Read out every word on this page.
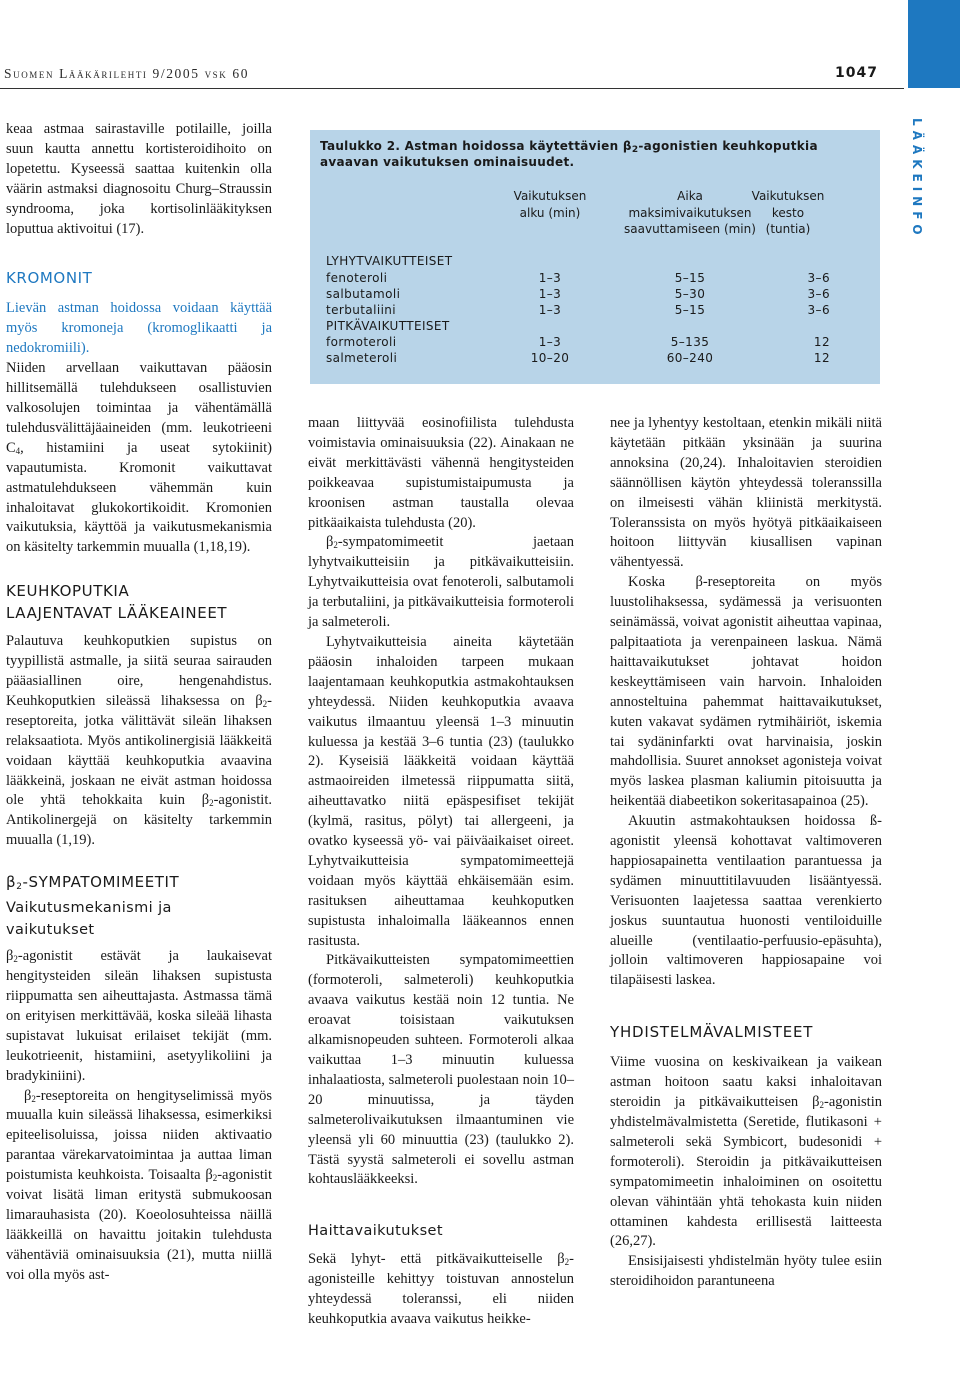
Suomen Lääkärilehti 9/2005 vsk 60	1047
LÄÄKEINFO

keaa astmaa sairastaville potilaille, joilla suun kautta annettu kortisteroidihoito on lopetettu. Kyseessä saattaa kuitenkin olla väärin astmaksi diagnosoitu Churg–Straussin syndrooma, joka kortisolinlääkityksen loputtua aktivoitui (17).

KROMONIT

Lievän astman hoidossa voidaan käyttää myös kromoneja (kromoglikaatti ja nedokromiili).

Niiden arvellaan vaikuttavan pääosin hillitsemällä tulehdukseen osallistuvien valkosolujen toimintaa ja vähentämällä tulehdusvälittäjäaineiden (mm. leukotrieeni $C_4$, histamiini ja useat sytokiinit) vapautumista. Kromonit vaikuttavat astmatulehdukseen vähemmän kuin inhaloitavat glukokortikoidit. Kromonien vaikutuksia, käyttöä ja vaikutusmekanismia on käsitelty tarkemmin muualla (1,18,19).

KEUHKOPUTKIA
LAAJENTAVAT LÄÄKEAINEET

Palautuva keuhkoputkien supistus on tyypillistä astmalle, ja siitä seuraa sairauden pääasiallinen oire, hengenahdistus. Keuhkoputkien sileässä lihaksessa on $\beta_2$-reseptoreita, jotka välittävät sileän lihaksen relaksaatiota. Myös antikolinergisiä lääkkeitä voidaan käyttää keuhkoputkia avaavina lääkkeinä, joskaan ne eivät astman hoidossa ole yhtä tehokkaita kuin $\beta_2$-agonistit. Antikolinergejä on käsitelty tarkemmin muualla (1,19).

$\beta_2$-SYMPATOMIMEETIT
Vaikutusmekanismi ja
vaikutukset

$\beta_2$-agonistit estävät ja laukaisevat hengitysteiden sileän lihaksen supistusta riippumatta sen aiheuttajasta. Astmassa tämä on erityisen merkittävää, koska sileää lihasta supistavat lukuisat erilaiset tekijät (mm. leukotrieenit, histamiini, asetyylikoliini ja bradykiniini).

$\beta_2$-reseptoreita on hengityselimissä myös muualla kuin sileässä lihaksessa, esimerkiksi epiteelisoluissa, joissa niiden aktivaatio parantaa värekarvatoimintaa ja auttaa liman poistumista keuhkoista. Toisaalta $\beta_2$-agonistit voivat lisätä liman eritystä submukoosan limarauhasista (20). Koeolosuhteissa näillä lääkkeillä on havaittu joitakin tulehdusta vähentäviä ominaisuuksia (21), mutta niillä voi olla myös ast-

Taulukko 2. Astman hoidossa käytettävien $\beta_2$-agonistien keuhkoputkia avaavan vaikutuksen ominaisuudet.
Vaikutuksen
alku (min)
Aika
maksimivaikutuksen
saavuttamiseen (min)
Vaikutuksen
kesto
(tuntia)
LYHYTVAIKUTTEISET
fenoteroli	1–3	5–15	3–6
salbutamoli	1–3	5–30	3–6
terbutaliini	1–3	5–15	3–6
PITKÄVAIKUTTEISET
formoteroli	1–3	5–135	12
salmeteroli	10–20	60–240	12

maan liittyvää eosinofiilista tulehdusta voimistavia ominaisuuksia (22). Ainakaan ne eivät merkittävästi vähennä hengitysteiden poikkeavaa supistumistaipumusta ja kroonisen astman taustalla olevaa pitkäaikaista tulehdusta (20).

$\beta_2$-sympatomimeetit jaetaan lyhytvaikutteisiin ja pitkävaikutteisiin. Lyhytvaikutteisia ovat fenoteroli, salbutamoli ja terbutaliini, ja pitkävaikutteisia formoteroli ja salmeteroli.

Lyhytvaikutteisia aineita käytetään pääosin inhaloiden tarpeen mukaan laajentamaan keuhkoputkia astmakohtauksen yhteydessä. Niiden keuhkoputkia avaava vaikutus ilmaantuu yleensä 1–3 minuutin kuluessa ja kestää 3–6 tuntia (23) (taulukko 2). Kyseisiä lääkkeitä voidaan käyttää astmaoireiden ilmetessä riippumatta siitä, aiheuttavatko niitä epäspesifiset tekijät (kylmä, rasitus, pölyt) tai allergeeni, ja ovatko kyseessä yö- vai päiväaikaiset oireet. Lyhytvaikutteisia sympatomimeettejä voidaan myös käyttää ehkäisemään esim. rasituksen aiheuttamaa keuhkoputken supistusta inhaloimalla lääkeannos ennen rasitusta.

Pitkävaikutteisten sympatomimeettien (formoteroli, salmeteroli) keuhkoputkia avaava vaikutus kestää noin 12 tuntia. Ne eroavat toisistaan vaikutuksen alkamisnopeuden suhteen. Formoteroli alkaa vaikuttaa 1–3 minuutin kuluessa inhalaatiosta, salmeteroli puolestaan noin 10–20 minuutissa, ja täyden salmeterolivaikutuksen ilmaantuminen vie yleensä yli 60 minuuttia (23) (taulukko 2). Tästä syystä salmeteroli ei sovellu astman kohtauslääkkeeksi.

Haittavaikutukset

Sekä lyhyt- että pitkävaikutteiselle $\beta_2$-agonisteille kehittyy toistuvan annostelun yhteydessä toleranssi, eli niiden keuhkoputkia avaava vaikutus heikke-

nee ja lyhentyy kestoltaan, etenkin mikäli niitä käytetään pitkään yksinään ja suurina annoksina (20,24). Inhaloitavien steroidien säännöllisen käytön yhteydessä toleranssilla on ilmeisesti vähän kliinistä merkitystä. Toleranssista on myös hyötyä pitkäaikaiseen hoitoon liittyvän kiusallisen vapinan vähentyessä.

Koska β-reseptoreita on myös luustolihaksessa, sydämessä ja verisuonten seinämässä, voivat agonistit aiheuttaa vapinaa, palpitaatiota ja verenpaineen laskua. Nämä haittavaikutukset johtavat hoidon keskeyttämiseen vain harvoin. Inhaloiden annosteltuina pahemmat haittavaikutukset, kuten vakavat sydämen rytmihäiriöt, iskemia tai sydäninfarkti ovat harvinaisia, joskin mahdollisia. Suuret annokset agonisteja voivat myös laskea plasman kaliumin pitoisuutta ja heikentää diabeetikon sokeritasapainoa (25).

Akuutin astmakohtauksen hoidossa ß-agonistit yleensä kohottavat valtimoveren happiosapainetta ventilaation parantuessa ja sydämen minuuttitilavuuden lisääntyessä. Verisuonten laajetessa saattaa verenkierto joskus suuntautua huonosti ventiloiduille alueille (ventilaatio-perfuusio-epäsuhta), jolloin valtimoveren happiosapaine voi tilapäisesti laskea.

YHDISTELMÄVALMISTEET

Viime vuosina on keskivaikean ja vaikean astman hoitoon saatu kaksi inhaloitavan steroidin ja pitkävaikutteisen $\beta_2$-agonistin yhdistelmävalmistetta (Seretide, flutikasoni + salmeteroli sekä Symbicort, budesonidi + formoteroli). Steroidin ja pitkävaikutteisen sympatomimeetin inhaloiminen on osoitettu olevan vähintään yhtä tehokasta kuin niiden ottaminen kahdesta erillisestä laitteesta (26,27).

Ensisijaisesti yhdistelmän hyöty tulee esiin steroidihoidon parantuneena
